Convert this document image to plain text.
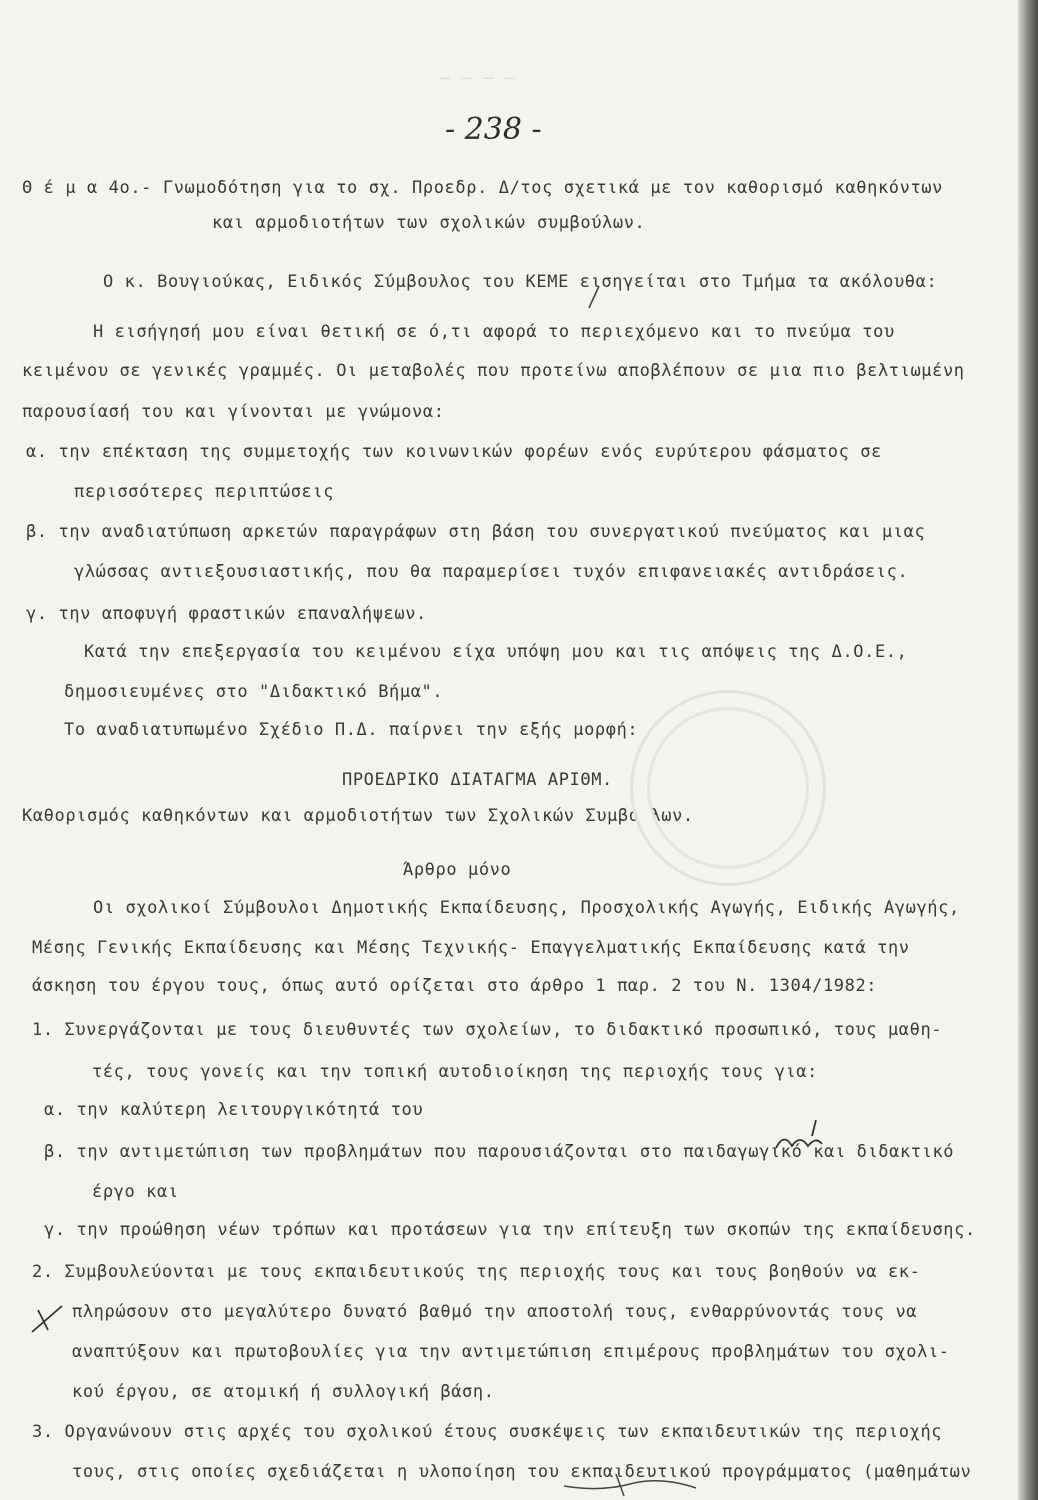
— — — —
- 238 -
Θ έ μ α 4ο.- Γνωμοδότηση για το σχ. Προεδρ. Δ/τος σχετικά με τον καθορισμό καθηκόντων
και αρμοδιοτήτων των σχολικών συμβούλων.
Ο κ. Βουγιούκας, Ειδικός Σύμβουλος του ΚΕΜΕ εισηγείται στο Τμήμα τα ακόλουθα:
Η εισήγησή μου είναι θετική σε ό,τι αφορά το περιεχόμενο και το πνεύμα του
κειμένου σε γενικές γραμμές. Οι μεταβολές που προτείνω αποβλέπουν σε μια πιο βελτιωμένη
παρουσίασή του και γίνονται με γνώμονα:
α. την επέκταση της συμμετοχής των κοινωνικών φορέων ενός ευρύτερου φάσματος σε
περισσότερες περιπτώσεις
β. την αναδιατύπωση αρκετών παραγράφων στη βάση του συνεργατικού πνεύματος και μιας
γλώσσας αντιεξουσιαστικής, που θα παραμερίσει τυχόν επιφανειακές αντιδράσεις.
γ. την αποφυγή φραστικών επαναλήψεων.
Κατά την επεξεργασία του κειμένου είχα υπόψη μου και τις απόψεις της Δ.Ο.Ε.,
δημοσιευμένες στο "Διδακτικό Βήμα".
Το αναδιατυπωμένο Σχέδιο Π.Δ. παίρνει την εξής μορφή:
ΠΡΟΕΔΡΙΚΟ ΔΙΑΤΑΓΜΑ ΑΡΙΘΜ.
Καθορισμός καθηκόντων και αρμοδιοτήτων των Σχολικών Συμβούλων.
Άρθρο μόνο
Οι σχολικοί Σύμβουλοι Δημοτικής Εκπαίδευσης, Προσχολικής Αγωγής, Ειδικής Αγωγής,
Μέσης Γενικής Εκπαίδευσης και Μέσης Τεχνικής- Επαγγελματικής Εκπαίδευσης κατά την
άσκηση του έργου τους, όπως αυτό ορίζεται στο άρθρο 1 παρ. 2 του Ν. 1304/1982:
1. Συνεργάζονται με τους διευθυντές των σχολείων, το διδακτικό προσωπικό, τους μαθη-
τές, τους γονείς και την τοπική αυτοδιοίκηση της περιοχής τους για:
α. την καλύτερη λειτουργικότητά του
β. την αντιμετώπιση των προβλημάτων που παρουσιάζονται στο παιδαγωγικό και διδακτικό
έργο και
γ. την προώθηση νέων τρόπων και προτάσεων για την επίτευξη των σκοπών της εκπαίδευσης.
2. Συμβουλεύονται με τους εκπαιδευτικούς της περιοχής τους και τους βοηθούν να εκ-
πληρώσουν στο μεγαλύτερο δυνατό βαθμό την αποστολή τους, ενθαρρύνοντάς τους να
αναπτύξουν και πρωτοβουλίες για την αντιμετώπιση επιμέρους προβλημάτων του σχολι-
κού έργου, σε ατομική ή συλλογική βάση.
3. Οργανώνουν στις αρχές του σχολικού έτους συσκέψεις των εκπαιδευτικών της περιοχής
τους, στις οποίες σχεδιάζεται η υλοποίηση του εκπαιδευτικού προγράμματος (μαθημάτων
